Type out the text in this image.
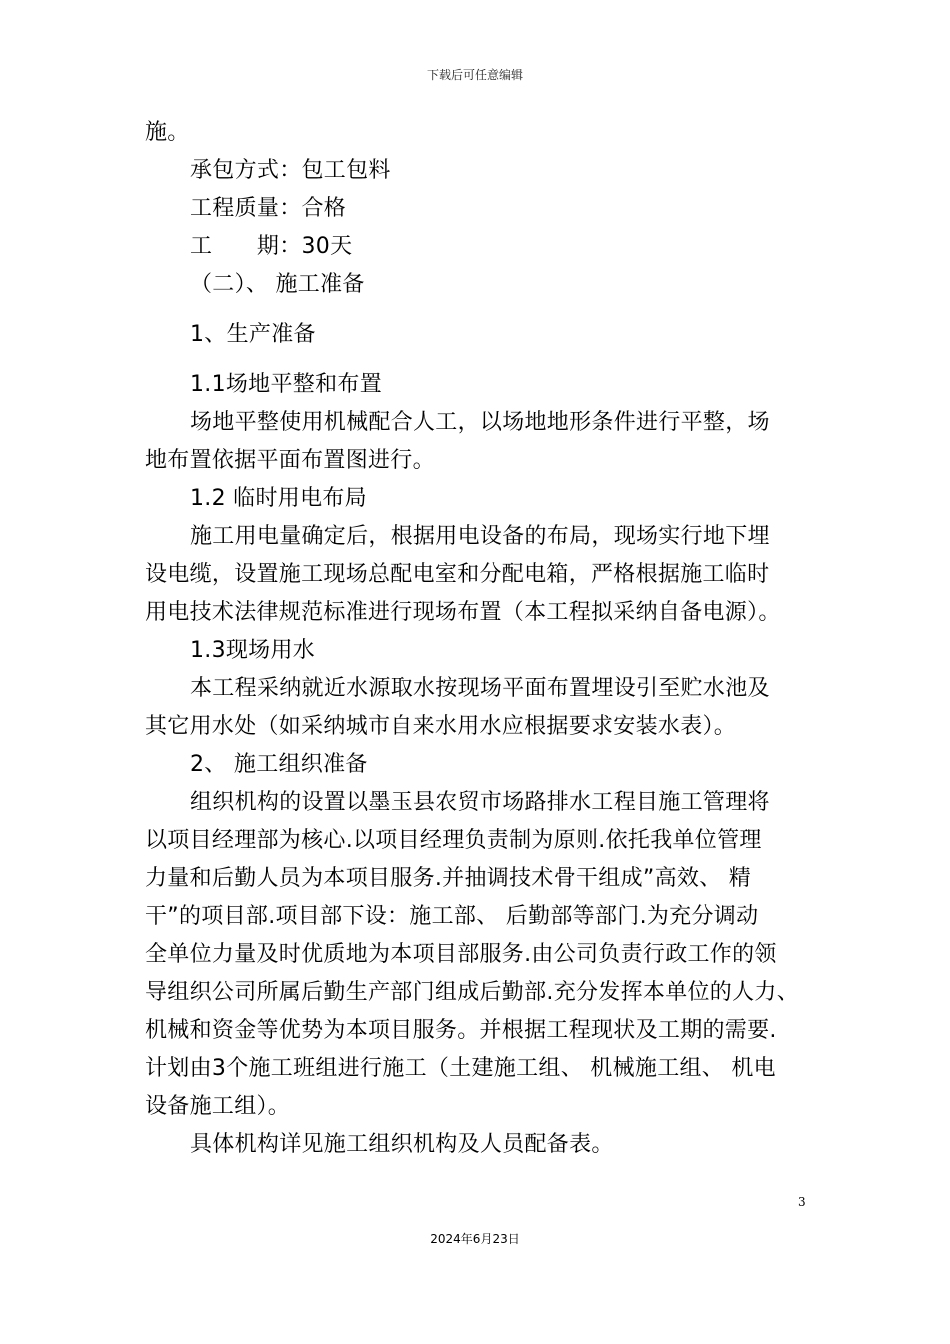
下载后可任意编辑
施。
承包方式：包工包料
工程质量：合格
工　　期：30天
（二）、 施工准备
1、生产准备
1.1场地平整和布置
场地平整使用机械配合人工，以场地地形条件进行平整，场
地布置依据平面布置图进行。
1.2 临时用电布局
施工用电量确定后，根据用电设备的布局，现场实行地下埋
设电缆，设置施工现场总配电室和分配电箱，严格根据施工临时
用电技术法律规范标准进行现场布置（本工程拟采纳自备电源）。
1.3现场用水
本工程采纳就近水源取水按现场平面布置埋设引至贮水池及
其它用水处（如采纳城市自来水用水应根据要求安装水表）。
2、 施工组织准备
组织机构的设置以墨玉县农贸市场路排水工程目施工管理将
以项目经理部为核心.以项目经理负责制为原则.依托我单位管理
力量和后勤人员为本项目服务.并抽调技术骨干组成”高效、 精
干”的项目部.项目部下设：施工部、 后勤部等部门.为充分调动
全单位力量及时优质地为本项目部服务.由公司负责行政工作的领
导组织公司所属后勤生产部门组成后勤部.充分发挥本单位的人力、
机械和资金等优势为本项目服务。并根据工程现状及工期的需要.
计划由3个施工班组进行施工（土建施工组、 机械施工组、 机电
设备施工组）。
具体机构详见施工组织机构及人员配备表。
3
2024年6月23日
